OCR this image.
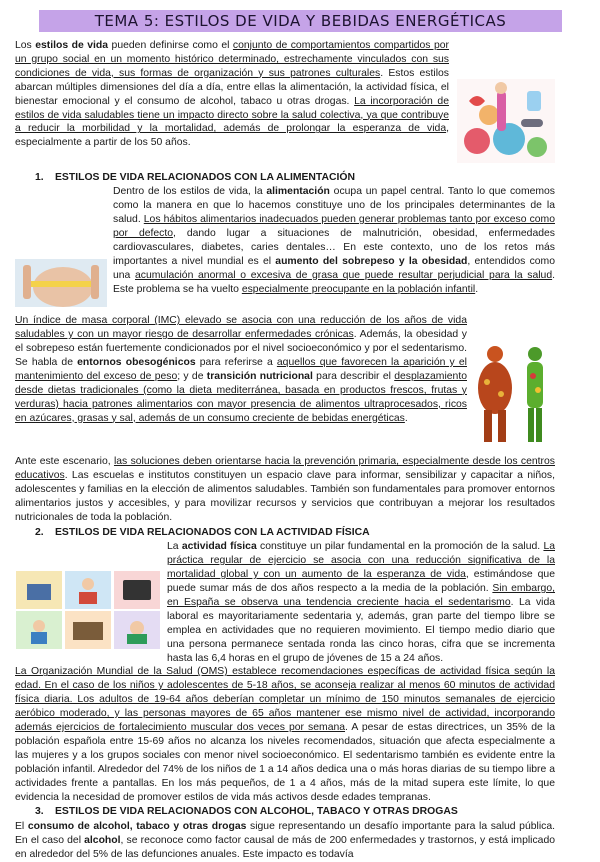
TEMA 5: ESTILOS DE VIDA Y BEBIDAS ENERGÉTICAS

Los estilos de vida pueden definirse como el conjunto de comportamientos compartidos por un grupo social en un momento histórico determinado, estrechamente vinculados con sus condiciones de vida, sus formas de organización y sus patrones culturales. Estos estilos abarcan múltiples dimensiones del día a día, entre ellas la alimentación, la actividad física, el bienestar emocional y el consumo de alcohol, tabaco u otras drogas. La incorporación de estilos de vida saludables tiene un impacto directo sobre la salud colectiva, ya que contribuye a reducir la morbilidad y la mortalidad, además de prolongar la esperanza de vida, especialmente a partir de los 50 años.

1. ESTILOS DE VIDA RELACIONADOS CON LA ALIMENTACIÓN

Dentro de los estilos de vida, la alimentación ocupa un papel central. Tanto lo que comemos como la manera en que lo hacemos constituye uno de los principales determinantes de la salud. Los hábitos alimentarios inadecuados pueden generar problemas tanto por exceso como por defecto, dando lugar a situaciones de malnutrición, obesidad, enfermedades cardiovasculares, diabetes, caries dentales… En este contexto, uno de los retos más importantes a nivel mundial es el aumento del sobrepeso y la obesidad, entendidos como una acumulación anormal o excesiva de grasa que puede resultar perjudicial para la salud. Este problema se ha vuelto especialmente preocupante en la población infantil.

Un índice de masa corporal (IMC) elevado se asocia con una reducción de los años de vida saludables y con un mayor riesgo de desarrollar enfermedades crónicas. Además, la obesidad y el sobrepeso están fuertemente condicionados por el nivel socioeconómico y por el sedentarismo. Se habla de entornos obesogénicos para referirse a aquellos que favorecen la aparición y el mantenimiento del exceso de peso; y de transición nutricional para describir el desplazamiento desde dietas tradicionales (como la dieta mediterránea, basada en productos frescos, frutas y verduras) hacia patrones alimentarios con mayor presencia de alimentos ultraprocesados, ricos en azúcares, grasas y sal, además de un consumo creciente de bebidas energéticas.

Ante este escenario, las soluciones deben orientarse hacia la prevención primaria, especialmente desde los centros educativos. Las escuelas e institutos constituyen un espacio clave para informar, sensibilizar y capacitar a niños, adolescentes y familias en la elección de alimentos saludables. También son fundamentales para promover entornos alimentarios justos y accesibles, y para movilizar recursos y servicios que contribuyan a mejorar los resultados nutricionales de toda la población.

2. ESTILOS DE VIDA RELACIONADOS CON LA ACTIVIDAD FÍSICA

La actividad física constituye un pilar fundamental en la promoción de la salud. La práctica regular de ejercicio se asocia con una reducción significativa de la mortalidad global y con un aumento de la esperanza de vida, estimándose que puede sumar más de dos años respecto a la media de la población. Sin embargo, en España se observa una tendencia creciente hacia el sedentarismo. La vida laboral es mayoritariamente sedentaria y, además, gran parte del tiempo libre se emplea en actividades que no requieren movimiento. El tiempo medio diario que una persona permanece sentada ronda las cinco horas, cifra que se incrementa hasta las 6,4 horas en el grupo de jóvenes de 15 a 24 años.

La Organización Mundial de la Salud (OMS) establece recomendaciones específicas de actividad física según la edad. En el caso de los niños y adolescentes de 5-18 años, se aconseja realizar al menos 60 minutos de actividad física diaria. Los adultos de 19-64 años deberían completar un mínimo de 150 minutos semanales de ejercicio aeróbico moderado, y las personas mayores de 65 años mantener ese mismo nivel de actividad, incorporando además ejercicios de fortalecimiento muscular dos veces por semana. A pesar de estas directrices, un 35% de la población española entre 15-69 años no alcanza los niveles recomendados, situación que afecta especialmente a las mujeres y a los grupos sociales con menor nivel socioeconómico. El sedentarismo también es evidente entre la población infantil. Alrededor del 74% de los niños de 1 a 14 años dedica una o más horas diarias de su tiempo libre a actividades frente a pantallas. En los más pequeños, de 1 a 4 años, más de la mitad supera este límite, lo que evidencia la necesidad de promover estilos de vida más activos desde edades tempranas.

3. ESTILOS DE VIDA RELACIONADOS CON ALCOHOL, TABACO Y OTRAS DROGAS

El consumo de alcohol, tabaco y otras drogas sigue representando un desafío importante para la salud pública. En el caso del alcohol, se reconoce como factor causal de más de 200 enfermedades y trastornos, y está implicado en alrededor del 5% de las defunciones anuales. Este impacto es todavía
